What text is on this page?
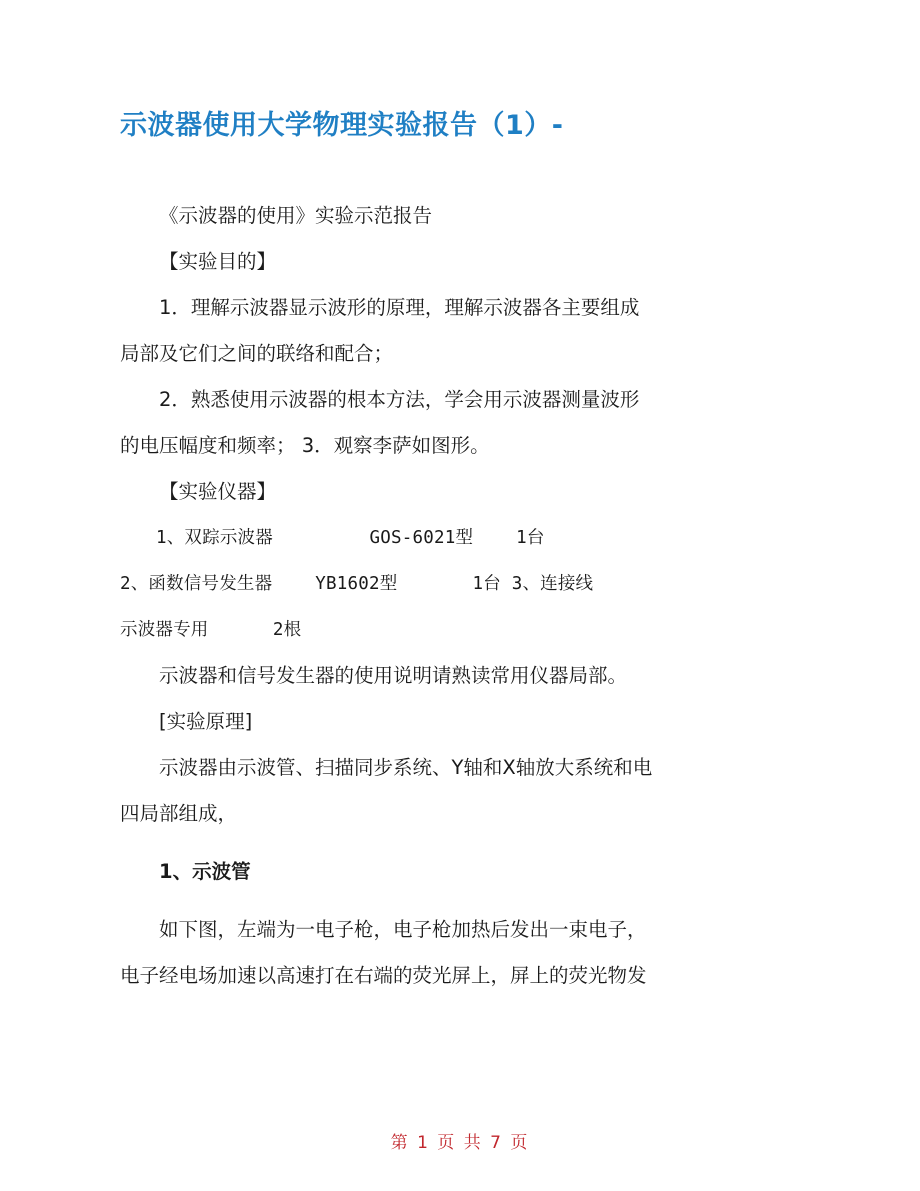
示波器使用大学物理实验报告（1）-

《示波器的使用》实验示范报告

【实验目的】

1．理解示波器显示波形的原理，理解示波器各主要组成

局部及它们之间的联络和配合；

2．熟悉使用示波器的根本方法，学会用示波器测量波形

的电压幅度和频率； 3．观察李萨如图形。

【实验仪器】

1、双踪示波器         GOS-6021型    1台

2、函数信号发生器    YB1602型       1台 3、连接线

示波器专用      2根

示波器和信号发生器的使用说明请熟读常用仪器局部。

[实验原理]

示波器由示波管、扫描同步系统、Y轴和X轴放大系统和电

四局部组成，

1、示波管

如下图，左端为一电子枪，电子枪加热后发出一束电子，

电子经电场加速以高速打在右端的荧光屏上，屏上的荧光物发

第 1 页 共 7 页
